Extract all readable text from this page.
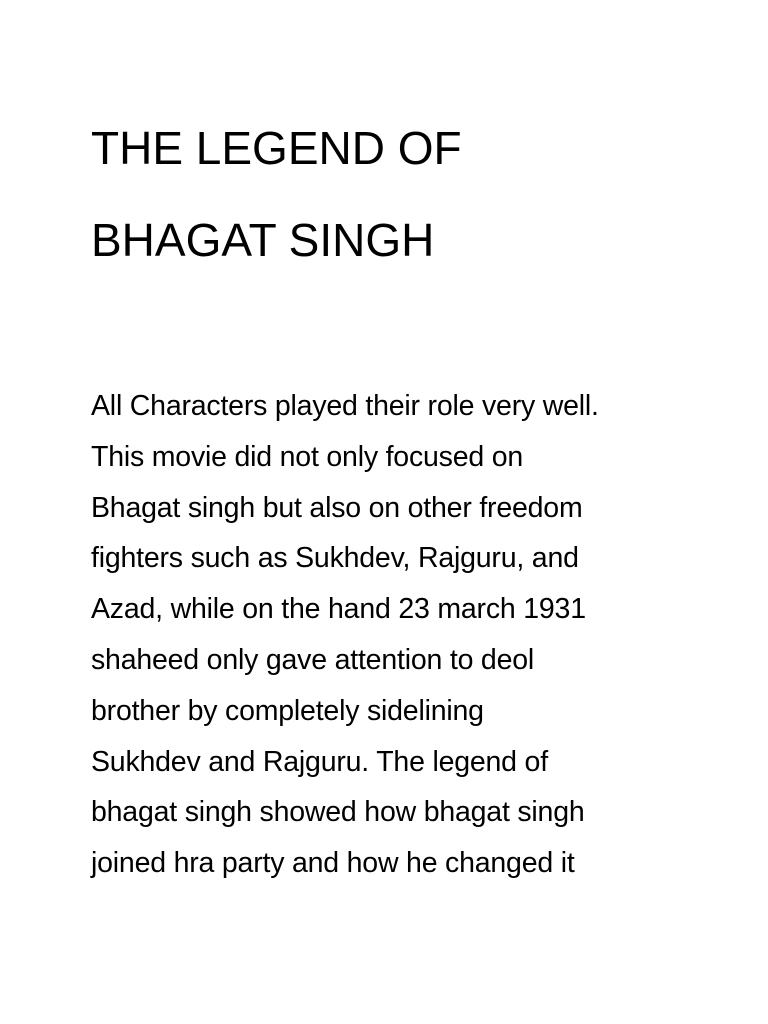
THE LEGEND OF
BHAGAT SINGH

All Characters played their role very well.
This movie did not only focused on
Bhagat singh but also on other freedom
fighters such as Sukhdev, Rajguru, and
Azad, while on the hand 23 march 1931
shaheed only gave attention to deol
brother by completely sidelining
Sukhdev and Rajguru. The legend of
bhagat singh showed how bhagat singh
joined hra party and how he changed it
